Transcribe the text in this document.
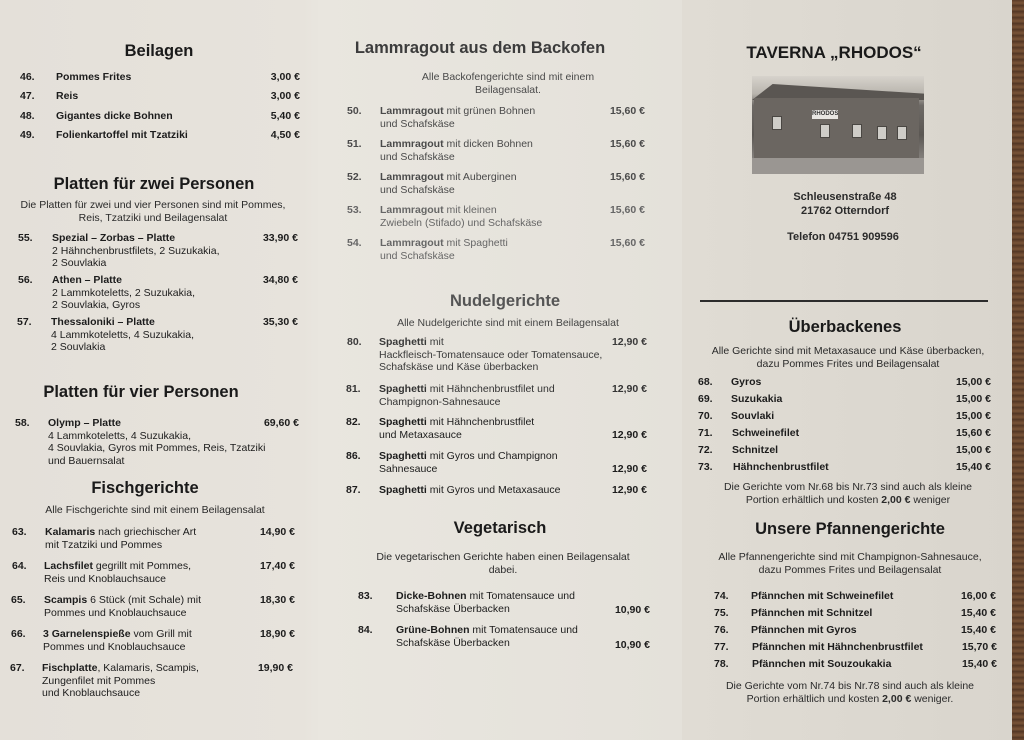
Beilagen
46. Pommes Frites	3,00 €
47. Reis	3,00 €
48. Gigantes dicke Bohnen	5,40 €
49. Folienkartoffel mit Tzatziki	4,50 €
Platten für zwei Personen
Die Platten für zwei und vier Personen sind mit Pommes,
Reis, Tzatziki und Beilagensalat
55. Spezial – Zorbas – Platte
2 Hähnchenbrustfilets, 2 Suzukakia,
2 Souvlakia
33,90 €
56. Athen – Platte
2 Lammkoteletts, 2 Suzukakia,
2 Souvlakia, Gyros
34,80 €
57. Thessaloniki – Platte
4 Lammkoteletts, 4 Suzukakia,
2 Souvlakia
35,30 €
Platten für vier Personen
58. Olymp – Platte
4 Lammkoteletts, 4 Suzukakia,
4 Souvlakia, Gyros mit Pommes, Reis, Tzatziki
und Bauernsalat
69,60 €
Fischgerichte
Alle Fischgerichte sind mit einem Beilagensalat
63. Kalamaris nach griechischer Art
mit Tzatziki und Pommes
14,90 €
64. Lachsfilet gegrillt mit Pommes,
Reis und Knoblauchsauce
17,40 €
65. Scampis 6 Stück (mit Schale) mit
Pommes und Knoblauchsauce
18,30 €
66. 3 Garnelenspieße vom Grill mit
Pommes und Knoblauchsauce
18,90 €
67. Fischplatte, Kalamaris, Scampis,
Zungenfilet mit Pommes
und Knoblauchsauce
19,90 €
Lammragout aus dem Backofen
Alle Backofengerichte sind mit einem
Beilagensalat.
50. Lammragout mit grünen Bohnen
und Schafskäse
15,60 €
51. Lammragout mit dicken Bohnen
und Schafskäse
15,60 €
52. Lammragout mit Auberginen
und Schafskäse
15,60 €
53. Lammragout mit kleinen
Zwiebeln (Stifado) und Schafskäse
15,60 €
54. Lammragout mit Spaghetti
und Schafskäse
15,60 €
Nudelgerichte
Alle Nudelgerichte sind mit einem Beilagensalat
80. Spaghetti mit
Hackfleisch-Tomatensauce oder Tomatensauce,
Schafskäse und Käse überbacken
12,90 €
81. Spaghetti mit Hähnchenbrustfilet und
Champignon-Sahnesauce
12,90 €
82. Spaghetti mit Hähnchenbrustfilet
und Metaxasauce	12,90 €
86. Spaghetti mit Gyros und Champignon
Sahnesauce	12,90 €
87. Spaghetti mit Gyros und Metaxasauce	12,90 €
Vegetarisch
Die vegetarischen Gerichte haben einen Beilagensalat
dabei.
83. Dicke-Bohnen mit Tomatensauce und
Schafskäse Überbacken	10,90 €
84. Grüne-Bohnen mit Tomatensauce und
Schafskäse Überbacken	10,90 €
TAVERNA „RHODOS“
RHODOS
Schleusenstraße 48
21762 Otterndorf
Telefon 04751 909596
Überbackenes
Alle Gerichte sind mit Metaxasauce und Käse überbacken,
dazu Pommes Frites und Beilagensalat
68. Gyros	15,00 €
69. Suzukakia	15,00 €
70. Souvlaki	15,00 €
71. Schweinefilet	15,60 €
72. Schnitzel	15,00 €
73. Hähnchenbrustfilet	15,40 €
Die Gerichte vom Nr.68 bis Nr.73 sind auch als kleine
Portion erhältlich und kosten 2,00 € weniger
Unsere Pfannengerichte
Alle Pfannengerichte sind mit Champignon-Sahnesauce,
dazu Pommes Frites und Beilagensalat
74. Pfännchen mit Schweinefilet	16,00 €
75. Pfännchen mit Schnitzel	15,40 €
76. Pfännchen mit Gyros	15,40 €
77. Pfännchen mit Hähnchenbrustfilet	15,70 €
78. Pfännchen mit Souzoukakia	15,40 €
Die Gerichte vom Nr.74 bis Nr.78 sind auch als kleine
Portion erhältlich und kosten 2,00 € weniger.
